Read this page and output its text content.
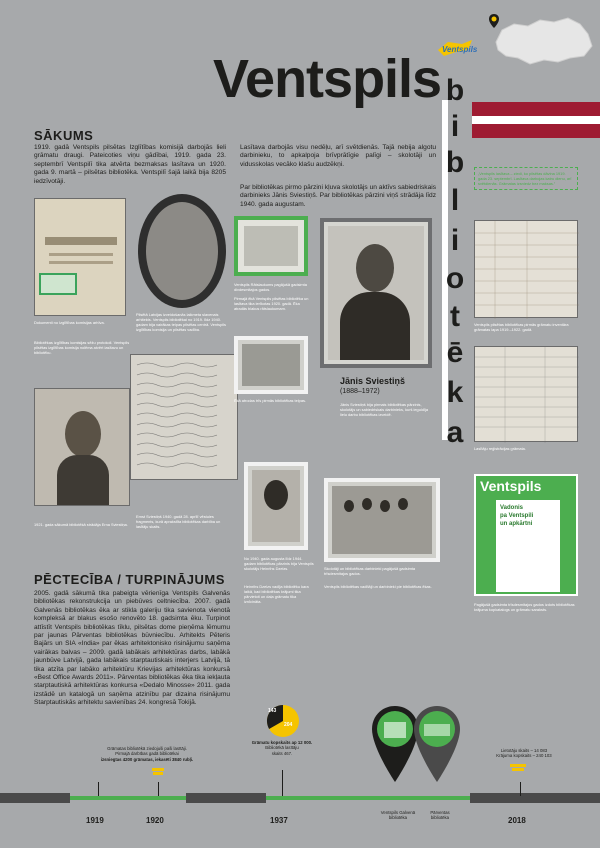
Ventspils
Ventspils b
i
b
l
i
o
t
ē
k
a
SĀKUMS
1919. gadā Ventspils pilsētas Izglītības komisijā darbojās lieli grāmatu draugi. Pateicoties viņu gādībai, 1919. gada 23. septembrī Ventspilī tika atvērta bezmaksas lasītava un 1920. gada 9. martā – pilsētas bibliotēka. Ventspilī šajā laikā bija 8205 iedzīvotāji.
Lasītava darbojās visu nedēļu, arī svētdienās. Tajā nebija algotu darbinieku, to apkalpoja brīvprātīgie palīgi – skolotāji un vidusskolas vecāko klašu audzēkņi.
Par bibliotēkas pirmo pārzini kļuva skolotājs un aktīvs sabiedriskais darbinieks Jānis Sviestiņš. Par bibliotēkas pārzini viņš strādāja līdz 1940. gada augustam.
Dokumenti no Izglītības komisijas arhīva.
Bibliotēkas izglītības komisijas sēžu protokoli. Ventspils pilsētas izglītības komisija nolēma atvērt lasītavu un bibliotēku.
1921. gada sākumā bibliotēkā strādāja Erna Sviestiņa.
Pilsētā Latvijas izveidošanās laikmeta slavenais arhitekts. Ventspils bibliotēkai no 1919. līdz 1940. gadam bija vairākas telpas pilsētas centrā. Ventspils izglītības komisija un pilsētas vadība.
Ernst Sviestiņš 1940. gadā 28. aprīlī vēstules fragments, kurā aprakstīta bibliotēkas darbība un lasītāju skaits.
Ventspils Rātslaukums pagājušā gadsimta divdesmitajos gados.
Pirmajā ēkā Ventspils pilsētas bibliotēka un lasītava tika ierīkotas 1920. gadā. Ēka atradās blakus rātslaukumam.
Ēkā atrodas trīs pirmās bibliotēkas telpas.
Jānis Sviestiņš
(1888–1972)
Jānis Sviestiņš bija pirmais bibliotēkas pārzinis, skolotājs un sabiedriskais darbinieks, kurš ieguldīja lielu darbu bibliotēkas izveidē.
No 1940. gada augusta līdz 1944. gadam bibliotēkas pārzinis bija Ventspils skolotājs Heinrihs Dzelzs.
Heinrihs Dzelzs vadīja bibliotēku kara laikā, kad bibliotēkas krājumi tika pārvietoti un daļa grāmatu tika iznīcināta.
Skolotāji un bibliotēkas darbinieki pagājušā gadsimta trīsdesmitajos gados.
Ventspils bibliotēkas vadītāji un darbinieki pie bibliotēkas ēkas.
„Ventspils lasītava – ziedi, ko pilsētas dāvina 1919. gada 23. septembrī. Lasītava darbojas katru dienu, arī svētdienās. Grāmatas izsniedz bez maksas.”
Ventspils pilsētas bibliotēkas pirmās grāmatu inventāra grāmatas lapa 1919.–1922. gadā.
Lasītāju reģistrācijas grāmata.
Ventspils
Vadonis
pa Ventspili
un apkārtni
Pagājušā gadsimta trīsdesmitajos gados izdots bibliotēkas krājuma kopkatalogs un grāmatu saraksts.
PĒCTECĪBA / TURPINĀJUMS
2005. gadā sākumā tika pabeigta vērienīga Ventspils Galvenās bibliotēkas rekonstrukcija un piebūves celtniecība. 2007. gadā Galvenās bibliotēkas ēka ar stikla galeriju tika savienota vienotā kompleksā ar blakus esošo renovēto 18. gadsimta ēku. Turpinot attīstīt Ventspils bibliotēkas tīklu, pilsētas dome pieņēma lēmumu par jaunas Pārventas bibliotēkas būvniecību. Arhitekts Pēteris Bajārs un SIA «India» par ēkas arhitektonisko risinājumu saņēma vairākas balvas – 2009. gadā labākais arhitektūras darbs, labākā jaunbūve Latvijā, gada labākais starptautiskais interjers Latvijā, tā tika atzīta par labāko arhitektūru Krievijas arhitektūras konkursā «Best Office Awards 2011». Pārventas bibliotēkas ēka tika iekļauta starptautiskā arhitektūras konkursa «Dedalo Minosse» 2011. gada izstādē un katalogā un saņēma atzinību par dizaina risinājumu Starptautiskās arhitektu savienības 24. kongresā Tokijā.
Grāmatas bibliotēkā ziedojuši paši lasītāji.
Pirmajā darbības gadā bibliotēkai
izsniegtas 4200 grāmatas, iekasēti 3840 rubļi.
143
204
Grāmatu kopskaits ap 12 000.
Bibliotēkā lasītāju
skaits 467.
Ventspils Galvenā
bibliotēka
Pārventas
bibliotēka
Lietotāju skaits – 14 083
Krājuma kopskaits – 240 103
1919	1920	1937	2018
